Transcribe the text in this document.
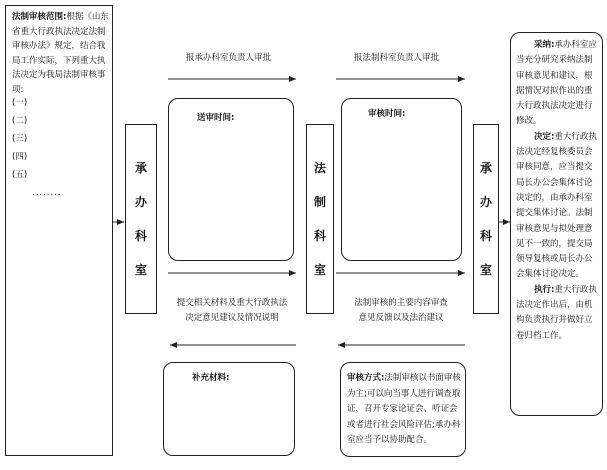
法制审核范围:根据《山东省重大行政执法决定法制审核办法》规定，结合我局工作实际，下列重大执法决定为我局法制审核事项:
(一)
(二)
(三)
(四)
(五)
........
承
办
科
室
法
制
科
室
承
办
科
室
报承办科室负责人审批	报法制科室负责人审批
提交相关材料及重大行政执法
决定意见建议及情况说明
法制审核的主要内容审查
意见反馈以及法治建议
送审时间:	审核时间:
补充材料:	审核方式:法制审核以书面审核为主;可以向当事人进行调查取证，召开专家论证会、听证会或者进行社会风险评估;承办科室应当予以协助配合。
采纳:承办科室应当充分研究采纳法制审核意见和建议，根据情况对拟作出的重大行政执法决定进行修改。
决定:重大行政执法决定经复核委员会审核同意，应当提交局长办公会集体讨论决定的，由承办科室提交集体讨论。法制审核意见与拟处理意见不一致的，提交局领导复核或局长办公会集体讨论决定。
执行:重大行政执法决定作出后，由机构负责执行并做好立卷归档工作。
